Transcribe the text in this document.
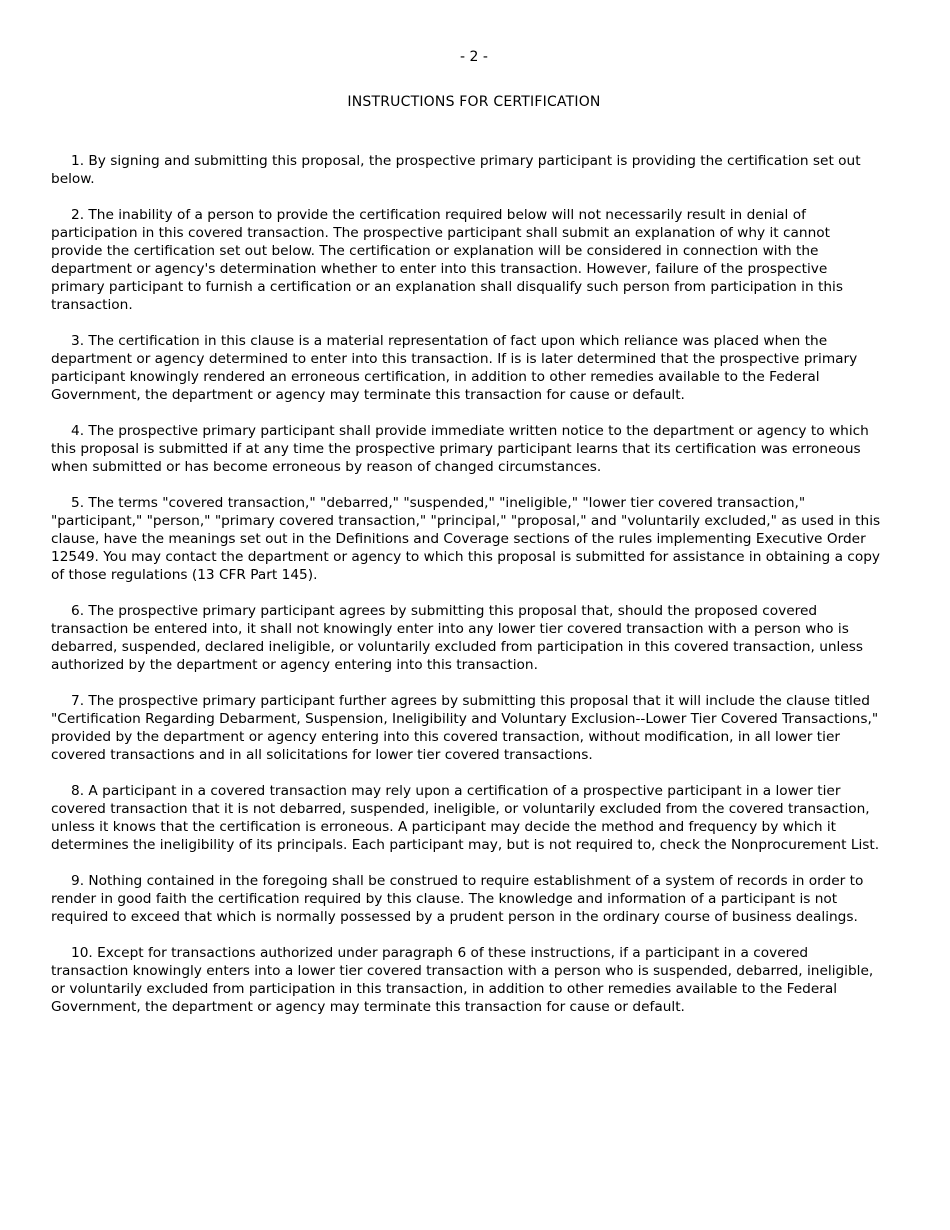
- 2 -
INSTRUCTIONS FOR CERTIFICATION

1. By signing and submitting this proposal, the prospective primary participant is providing the certification set out below.

2. The inability of a person to provide the certification required below will not necessarily result in denial of participation in this covered transaction. The prospective participant shall submit an explanation of why it cannot provide the certification set out below. The certification or explanation will be considered in connection with the department or agency's determination whether to enter into this transaction. However, failure of the prospective primary participant to furnish a certification or an explanation shall disqualify such person from participation in this transaction.

3. The certification in this clause is a material representation of fact upon which reliance was placed when the department or agency determined to enter into this transaction. If is is later determined that the prospective primary participant knowingly rendered an erroneous certification, in addition to other remedies available to the Federal Government, the department or agency may terminate this transaction for cause or default.

4. The prospective primary participant shall provide immediate written notice to the department or agency to which this proposal is submitted if at any time the prospective primary participant learns that its certification was erroneous when submitted or has become erroneous by reason of changed circumstances.

5. The terms "covered transaction," "debarred," "suspended," "ineligible," "lower tier covered transaction," "participant," "person," "primary covered transaction," "principal," "proposal," and "voluntarily excluded," as used in this clause, have the meanings set out in the Definitions and Coverage sections of the rules implementing Executive Order 12549. You may contact the department or agency to which this proposal is submitted for assistance in obtaining a copy of those regulations (13 CFR Part 145).

6. The prospective primary participant agrees by submitting this proposal that, should the proposed covered transaction be entered into, it shall not knowingly enter into any lower tier covered transaction with a person who is debarred, suspended, declared ineligible, or voluntarily excluded from participation in this covered transaction, unless authorized by the department or agency entering into this transaction.

7. The prospective primary participant further agrees by submitting this proposal that it will include the clause titled "Certification Regarding Debarment, Suspension, Ineligibility and Voluntary Exclusion--Lower Tier Covered Transactions," provided by the department or agency entering into this covered transaction, without modification, in all lower tier covered transactions and in all solicitations for lower tier covered transactions.

8. A participant in a covered transaction may rely upon a certification of a prospective participant in a lower tier covered transaction that it is not debarred, suspended, ineligible, or voluntarily excluded from the covered transaction, unless it knows that the certification is erroneous. A participant may decide the method and frequency by which it determines the ineligibility of its principals. Each participant may, but is not required to, check the Nonprocurement List.

9. Nothing contained in the foregoing shall be construed to require establishment of a system of records in order to render in good faith the certification required by this clause. The knowledge and information of a participant is not required to exceed that which is normally possessed by a prudent person in the ordinary course of business dealings.

10. Except for transactions authorized under paragraph 6 of these instructions, if a participant in a covered transaction knowingly enters into a lower tier covered transaction with a person who is suspended, debarred, ineligible, or voluntarily excluded from participation in this transaction, in addition to other remedies available to the Federal Government, the department or agency may terminate this transaction for cause or default.
